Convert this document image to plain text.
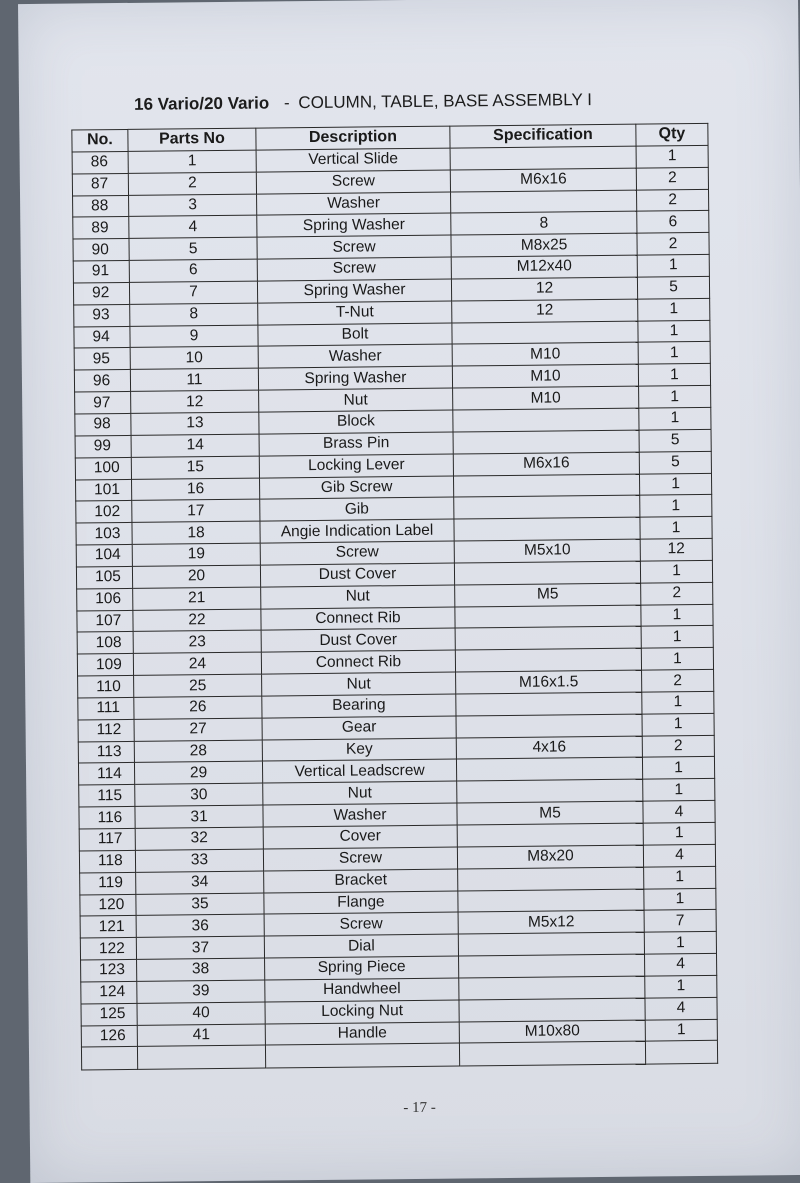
16 Vario/20 Vario - COLUMN, TABLE, BASE ASSEMBLY I
No.	Parts No	Description	Specification	Qty
86	1	Vertical Slide		1
87	2	Screw	M6x16	2
88	3	Washer		2
89	4	Spring Washer	8	6
90	5	Screw	M8x25	2
91	6	Screw	M12x40	1
92	7	Spring Washer	12	5
93	8	T-Nut	12	1
94	9	Bolt		1
95	10	Washer	M10	1
96	11	Spring Washer	M10	1
97	12	Nut	M10	1
98	13	Block		1
99	14	Brass Pin		5
100	15	Locking Lever	M6x16	5
101	16	Gib Screw		1
102	17	Gib		1
103	18	Angie Indication Label		1
104	19	Screw	M5x10	12
105	20	Dust Cover		1
106	21	Nut	M5	2
107	22	Connect Rib		1
108	23	Dust Cover		1
109	24	Connect Rib		1
110	25	Nut	M16x1.5	2
111	26	Bearing		1
112	27	Gear		1
113	28	Key	4x16	2
114	29	Vertical Leadscrew		1
115	30	Nut		1
116	31	Washer	M5	4
117	32	Cover		1
118	33	Screw	M8x20	4
119	34	Bracket		1
120	35	Flange		1
121	36	Screw	M5x12	7
122	37	Dial		1
123	38	Spring Piece		4
124	39	Handwheel		1
125	40	Locking Nut		4
126	41	Handle	M10x80	1

- 17 -
